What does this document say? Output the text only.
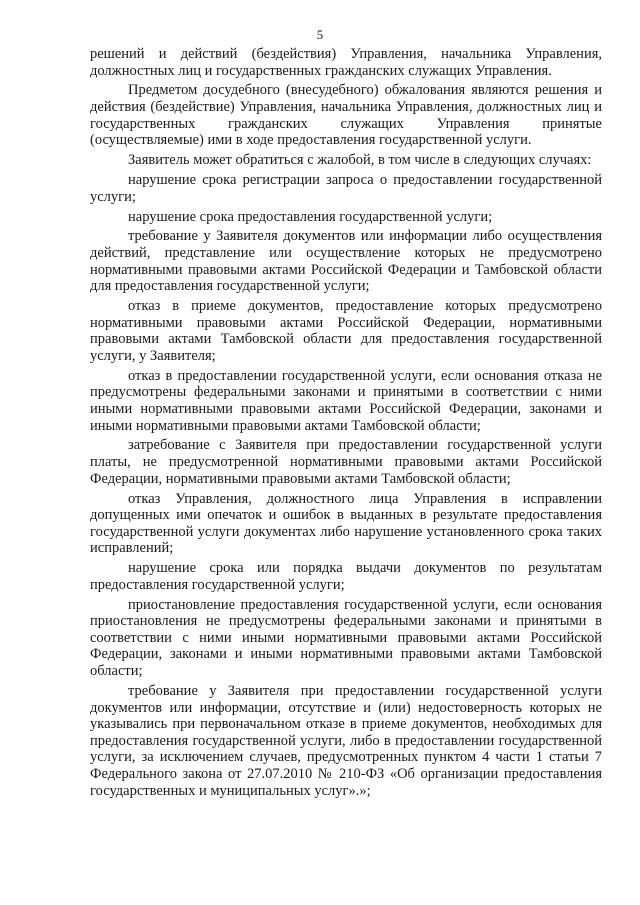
5

решений и действий (бездействия) Управления, начальника Управления, должностных лиц и государственных гражданских служащих Управления.

Предметом досудебного (внесудебного) обжалования являются решения и действия (бездействие) Управления, начальника Управления, должностных лиц и государственных гражданских служащих Управления принятые (осуществляемые) ими в ходе предоставления государственной услуги.

Заявитель может обратиться с жалобой, в том числе в следующих случаях:

нарушение срока регистрации запроса о предоставлении государственной услуги;

нарушение срока предоставления государственной услуги;

требование у Заявителя документов или информации либо осуществления действий, представление или осуществление которых не предусмотрено нормативными правовыми актами Российской Федерации и Тамбовской области для предоставления государственной услуги;

отказ в приеме документов, предоставление которых предусмотрено нормативными правовыми актами Российской Федерации, нормативными правовыми актами Тамбовской области для предоставления государственной услуги, у Заявителя;

отказ в предоставлении государственной услуги, если основания отказа не предусмотрены федеральными законами и принятыми в соответствии с ними иными нормативными правовыми актами Российской Федерации, законами и иными нормативными правовыми актами Тамбовской области;

затребование с Заявителя при предоставлении государственной услуги платы, не предусмотренной нормативными правовыми актами Российской Федерации, нормативными правовыми актами Тамбовской области;

отказ Управления, должностного лица Управления в исправлении допущенных ими опечаток и ошибок в выданных в результате предоставления государственной услуги документах либо нарушение установленного срока таких исправлений;

нарушение срока или порядка выдачи документов по результатам предоставления государственной услуги;

приостановление предоставления государственной услуги, если основания приостановления не предусмотрены федеральными законами и принятыми в соответствии с ними иными нормативными правовыми актами Российской Федерации, законами и иными нормативными правовыми актами Тамбовской области;

требование у Заявителя при предоставлении государственной услуги документов или информации, отсутствие и (или) недостоверность которых не указывались при первоначальном отказе в приеме документов, необходимых для предоставления государственной услуги, либо в предоставлении государственной услуги, за исключением случаев, предусмотренных пунктом 4 части 1 статьи 7 Федерального закона от 27.07.2010 № 210-ФЗ «Об организации предоставления государственных и муниципальных услуг».»;
